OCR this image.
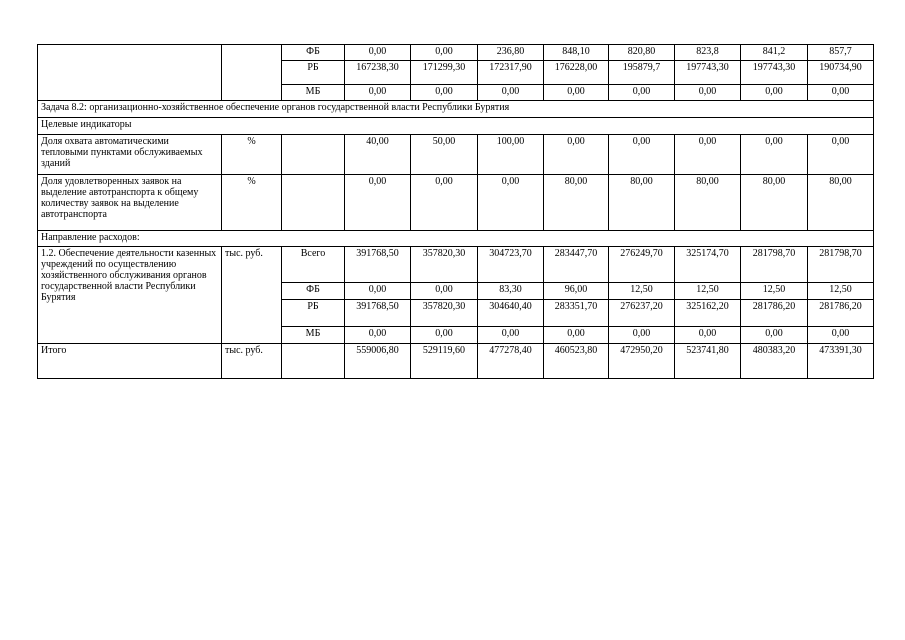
		ФБ	0,00	0,00	236,80	848,10	820,80	823,8	841,2	857,7
		РБ	167238,30	171299,30	172317,90	176228,00	195879,7	197743,30	197743,30	190734,90
		МБ	0,00	0,00	0,00	0,00	0,00	0,00	0,00	0,00
Задача 8.2: организационно-хозяйственное обеспечение органов государственной власти Республики Бурятия										
Целевые индикаторы										
Доля охвата автоматическими тепловыми пунктами обслуживаемых зданий	%		40,00	50,00	100,00	0,00	0,00	0,00	0,00	0,00
Доля удовлетворенных заявок на выделение автотранспорта к общему количеству заявок на выделение автотранспорта	%		0,00	0,00	0,00	80,00	80,00	80,00	80,00	80,00
Направление расходов:										
1.2. Обеспечение деятельности казенных учреждений по осуществлению хозяйственного обслуживания органов государственной власти Республики Бурятия	тыс. руб.	Всего	391768,50	357820,30	304723,70	283447,70	276249,70	325174,70	281798,70	281798,70
		ФБ	0,00	0,00	83,30	96,00	12,50	12,50	12,50	12,50
		РБ	391768,50	357820,30	304640,40	283351,70	276237,20	325162,20	281786,20	281786,20
		МБ	0,00	0,00	0,00	0,00	0,00	0,00	0,00	0,00
Итого	тыс. руб.		559006,80	529119,60	477278,40	460523,80	472950,20	523741,80	480383,20	473391,30
